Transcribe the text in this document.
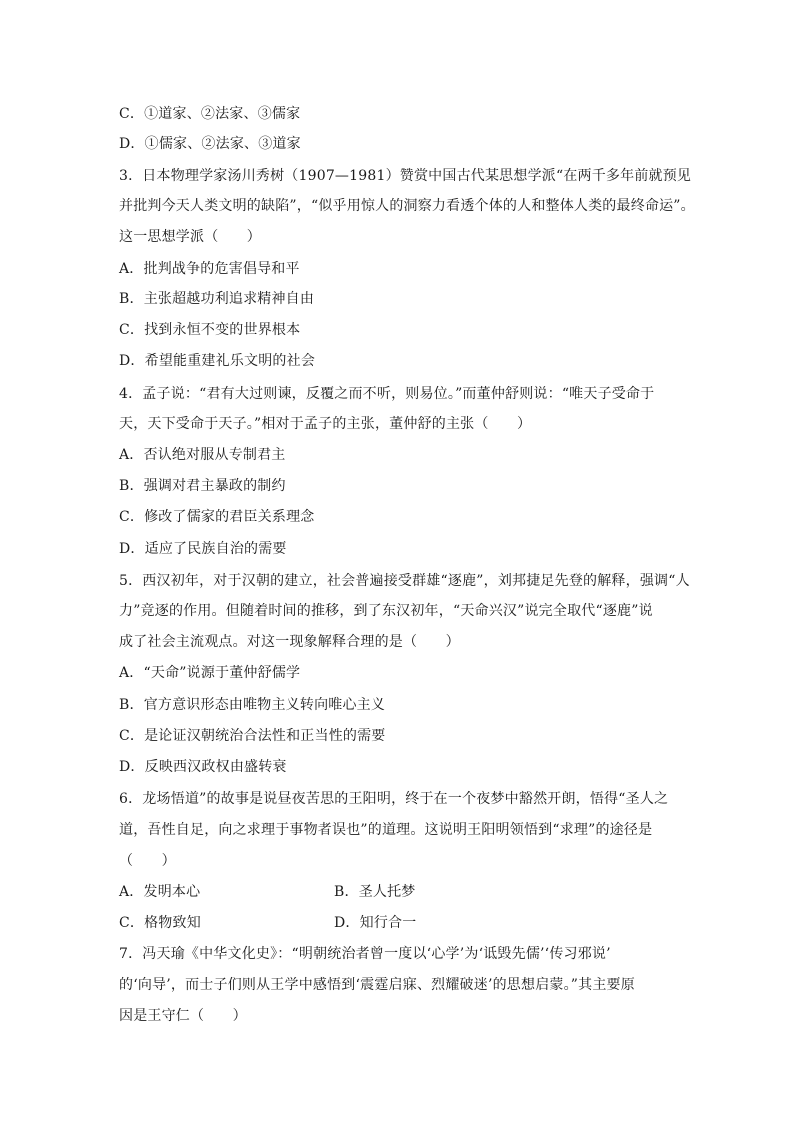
C．①道家、②法家、③儒家
D．①儒家、②法家、③道家
3．日本物理学家汤川秀树（1907—1981）赞赏中国古代某思想学派“在两千多年前就预见
并批判今天人类文明的缺陷”，“似乎用惊人的洞察力看透个体的人和整体人类的最终命运”。
这一思想学派（　　）
A．批判战争的危害倡导和平
B．主张超越功利追求精神自由
C．找到永恒不变的世界根本
D．希望能重建礼乐文明的社会
4．孟子说：“君有大过则谏，反覆之而不听，则易位。”而董仲舒则说：“唯天子受命于
天，天下受命于天子。”相对于孟子的主张，董仲舒的主张（　　）
A．否认绝对服从专制君主
B．强调对君主暴政的制约
C．修改了儒家的君臣关系理念
D．适应了民族自治的需要
5．西汉初年，对于汉朝的建立，社会普遍接受群雄“逐鹿”，刘邦捷足先登的解释，强调“人
力”竞逐的作用。但随着时间的推移，到了东汉初年，“天命兴汉”说完全取代“逐鹿”说
成了社会主流观点。对这一现象解释合理的是（　　）
A．“天命”说源于董仲舒儒学
B．官方意识形态由唯物主义转向唯心主义
C．是论证汉朝统治合法性和正当性的需要
D．反映西汉政权由盛转衰
6．龙场悟道”的故事是说昼夜苦思的王阳明，终于在一个夜梦中豁然开朗，悟得“圣人之
道，吾性自足，向之求理于事物者误也”的道理。这说明王阳明领悟到“求理”的途径是
（　　）
A．发明本心	B．圣人托梦
C．格物致知	D．知行合一
7．冯天瑜《中华文化史》：“明朝统治者曾一度以‘心学’为‘诋毁先儒’‘传习邪说’
的‘向导’，而士子们则从王学中感悟到‘震霆启寐、烈耀破迷’的思想启蒙。”其主要原
因是王守仁（　　）
